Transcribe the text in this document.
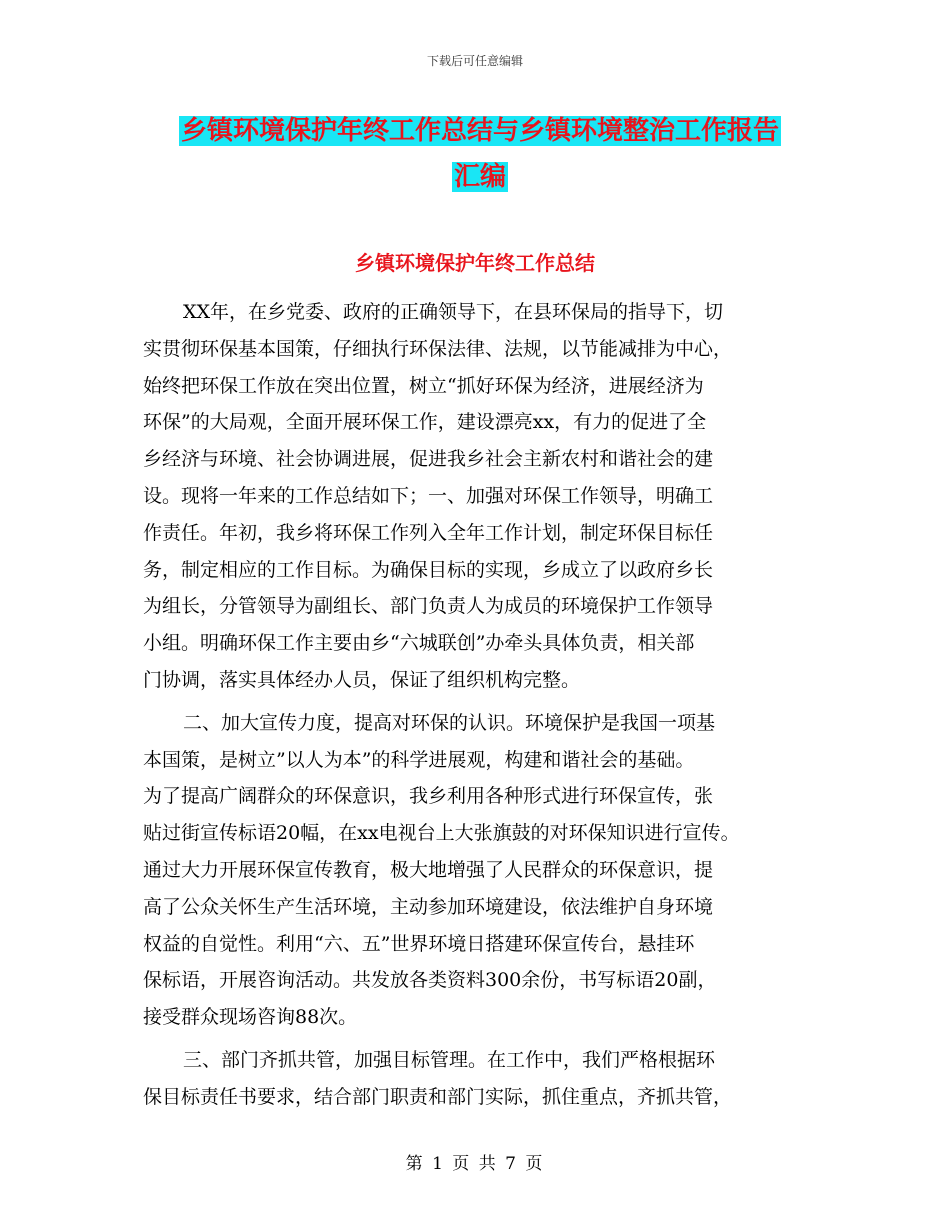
下载后可任意编辑
乡镇环境保护年终工作总结与乡镇环境整治工作报告
汇编
乡镇环境保护年终工作总结
XX年，在乡党委、政府的正确领导下，在县环保局的指导下，切
实贯彻环保基本国策，仔细执行环保法律、法规，以节能减排为中心，
始终把环保工作放在突出位置，树立“抓好环保为经济，进展经济为
环保”的大局观，全面开展环保工作，建设漂亮xx，有力的促进了全
乡经济与环境、社会协调进展，促进我乡社会主新农村和谐社会的建
设。现将一年来的工作总结如下；一、加强对环保工作领导，明确工
作责任。年初，我乡将环保工作列入全年工作计划，制定环保目标任
务，制定相应的工作目标。为确保目标的实现，乡成立了以政府乡长
为组长，分管领导为副组长、部门负责人为成员的环境保护工作领导
小组。明确环保工作主要由乡“六城联创”办牵头具体负责，相关部
门协调，落实具体经办人员，保证了组织机构完整。
二、加大宣传力度，提高对环保的认识。环境保护是我国一项基
本国策，是树立”以人为本”的科学进展观，构建和谐社会的基础。
为了提高广阔群众的环保意识，我乡利用各种形式进行环保宣传，张
贴过街宣传标语20幅，在xx电视台上大张旗鼓的对环保知识进行宣传。
通过大力开展环保宣传教育，极大地增强了人民群众的环保意识，提
高了公众关怀生产生活环境，主动参加环境建设，依法维护自身环境
权益的自觉性。利用“六、五”世界环境日搭建环保宣传台，悬挂环
保标语，开展咨询活动。共发放各类资料300余份，书写标语20副，
接受群众现场咨询88次。
三、部门齐抓共管，加强目标管理。在工作中，我们严格根据环
保目标责任书要求，结合部门职责和部门实际，抓住重点，齐抓共管，
第 1 页 共 7 页
